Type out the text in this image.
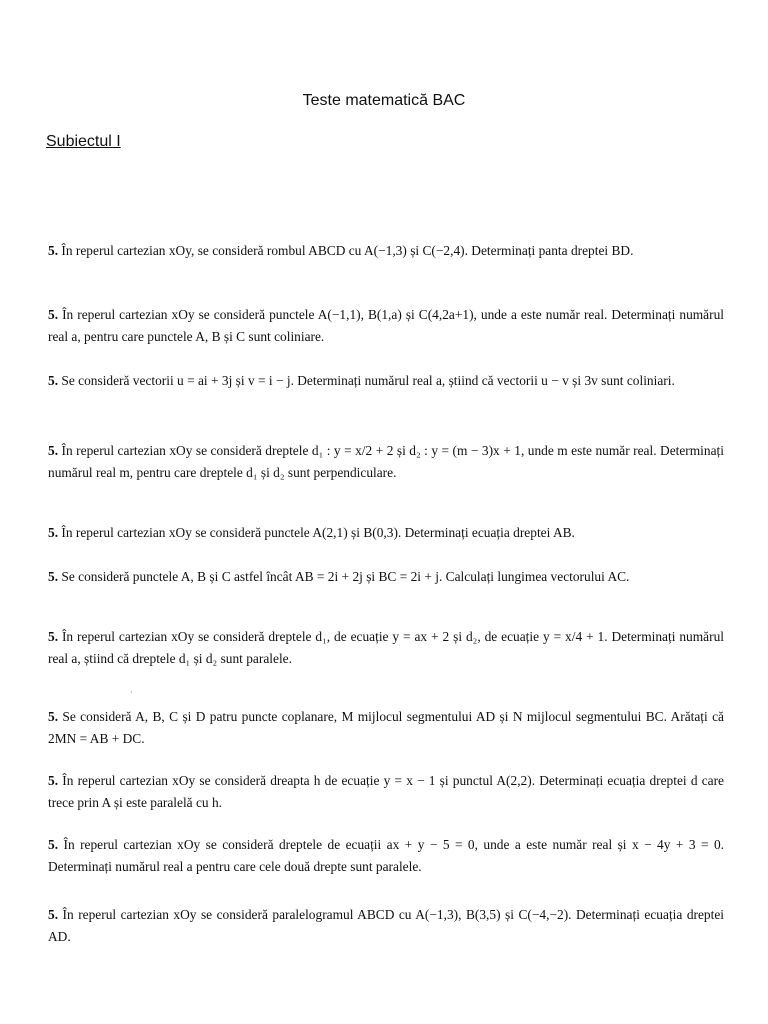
Teste matematică BAC
Subiectul I
5. În reperul cartezian xOy, se consideră rombul ABCD cu A(−1,3) și C(−2,4). Determinați panta dreptei BD.
5. În reperul cartezian xOy se consideră punctele A(−1,1), B(1,a) și C(4,2a+1), unde a este număr real. Determinați numărul real a, pentru care punctele A, B și C sunt coliniare.
5. Se consideră vectorii u = ai + 3j și v = i − j. Determinați numărul real a, știind că vectorii u − v și 3v sunt coliniari.
5. În reperul cartezian xOy se consideră dreptele d₁ : y = x/2 + 2 și d₂ : y = (m − 3)x + 1, unde m este număr real. Determinați numărul real m, pentru care dreptele d₁ și d₂ sunt perpendiculare.
5. În reperul cartezian xOy se consideră punctele A(2,1) și B(0,3). Determinați ecuația dreptei AB.
5. Se consideră punctele A, B și C astfel încât AB = 2i + 2j și BC = 2i + j. Calculați lungimea vectorului AC.
5. În reperul cartezian xOy se consideră dreptele d₁, de ecuație y = ax + 2 și d₂, de ecuație y = x/4 + 1. Determinați numărul real a, știind că dreptele d₁ și d₂ sunt paralele.
·
5. Se consideră A, B, C și D patru puncte coplanare, M mijlocul segmentului AD și N mijlocul segmentului BC. Arătați că 2MN = AB + DC.
5. În reperul cartezian xOy se consideră dreapta h de ecuație y = x − 1 și punctul A(2,2). Determinați ecuația dreptei d care trece prin A și este paralelă cu h.
5. În reperul cartezian xOy se consideră dreptele de ecuații ax + y − 5 = 0, unde a este număr real și x − 4y + 3 = 0. Determinați numărul real a pentru care cele două drepte sunt paralele.
5. În reperul cartezian xOy se consideră paralelogramul ABCD cu A(−1,3), B(3,5) și C(−4,−2). Determinați ecuația dreptei AD.
